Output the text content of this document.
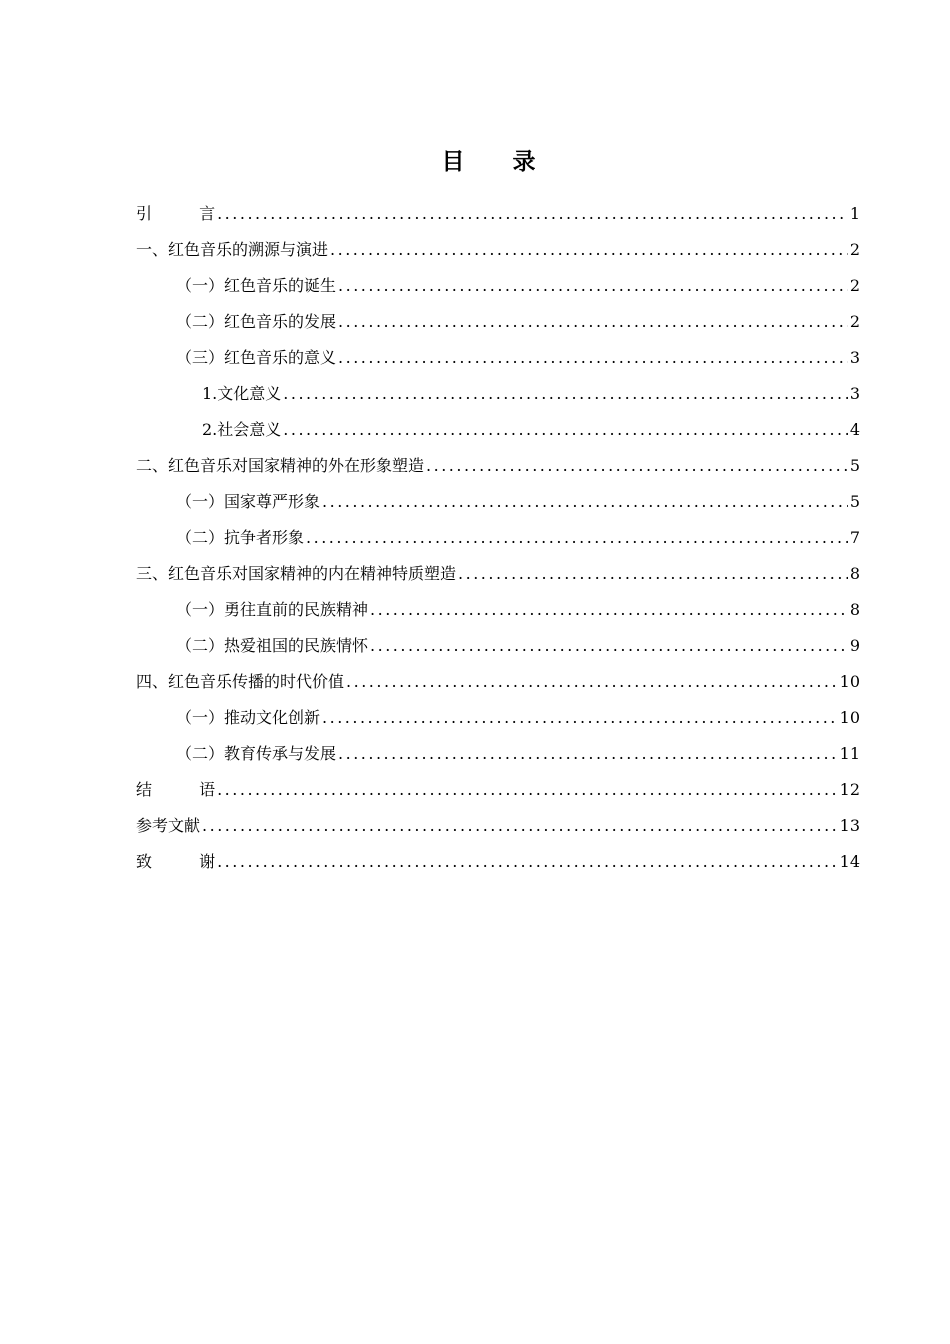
目 录
引 言 .....	1
一、红色音乐的溯源与演进 .....	2
（一）红色音乐的诞生 .....	2
（二）红色音乐的发展 .....	2
（三）红色音乐的意义 .....	3
1.文化意义 .....	3
2.社会意义 .....	4
二、红色音乐对国家精神的外在形象塑造 .....	5
（一）国家尊严形象 .....	5
（二）抗争者形象 .....	7
三、红色音乐对国家精神的内在精神特质塑造 .....	8
（一）勇往直前的民族精神 .....	8
（二）热爱祖国的民族情怀 .....	9
四、红色音乐传播的时代价值 .....	10
（一）推动文化创新 .....	10
（二）教育传承与发展 .....	11
结 语 .....	12
参考文献 .....	13
致 谢 .....	14
